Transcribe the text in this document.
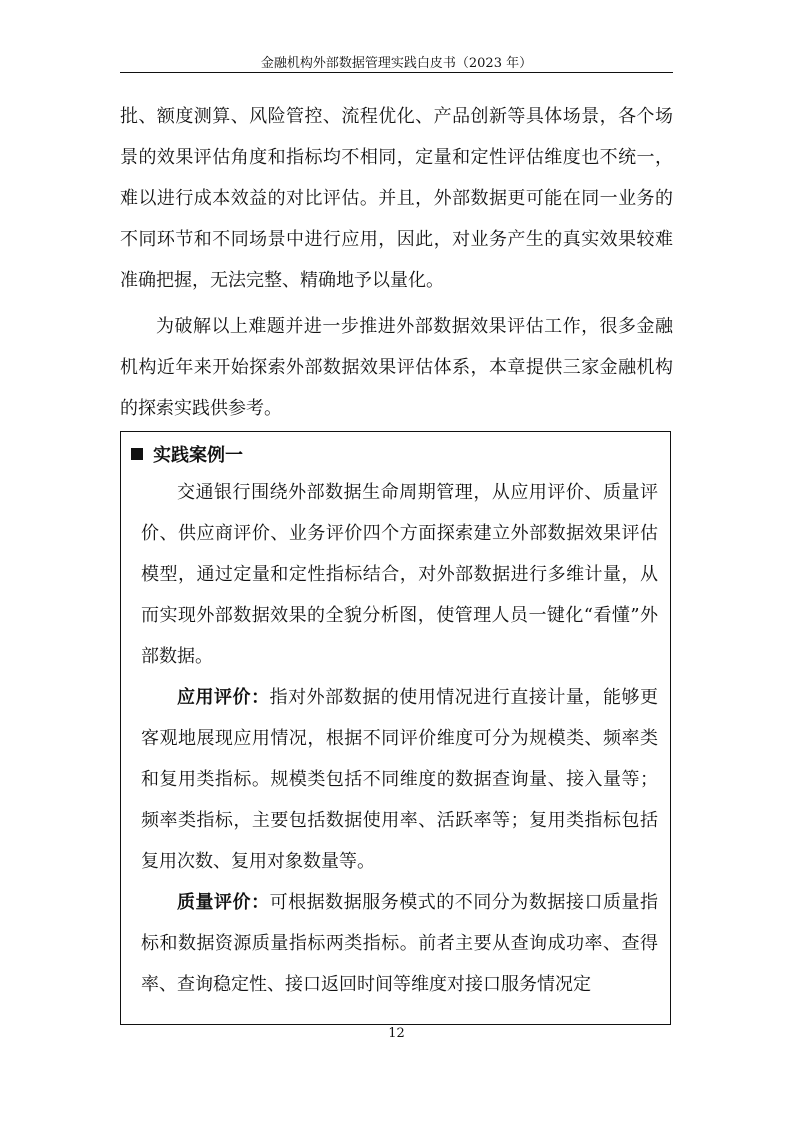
金融机构外部数据管理实践白皮书（2023 年）

批、额度测算、风险管控、流程优化、产品创新等具体场景，各个场景的效果评估角度和指标均不相同，定量和定性评估维度也不统一，难以进行成本效益的对比评估。并且，外部数据更可能在同一业务的不同环节和不同场景中进行应用，因此，对业务产生的真实效果较难准确把握，无法完整、精确地予以量化。

为破解以上难题并进一步推进外部数据效果评估工作，很多金融机构近年来开始探索外部数据效果评估体系，本章提供三家金融机构的探索实践供参考。

实践案例一

交通银行围绕外部数据生命周期管理，从应用评价、质量评价、供应商评价、业务评价四个方面探索建立外部数据效果评估模型，通过定量和定性指标结合，对外部数据进行多维计量，从而实现外部数据效果的全貌分析图，使管理人员一键化“看懂”外部数据。

应用评价：指对外部数据的使用情况进行直接计量，能够更客观地展现应用情况，根据不同评价维度可分为规模类、频率类和复用类指标。规模类包括不同维度的数据查询量、接入量等；频率类指标，主要包括数据使用率、活跃率等；复用类指标包括复用次数、复用对象数量等。

质量评价：可根据数据服务模式的不同分为数据接口质量指标和数据资源质量指标两类指标。前者主要从查询成功率、查得率、查询稳定性、接口返回时间等维度对接口服务情况定

12
